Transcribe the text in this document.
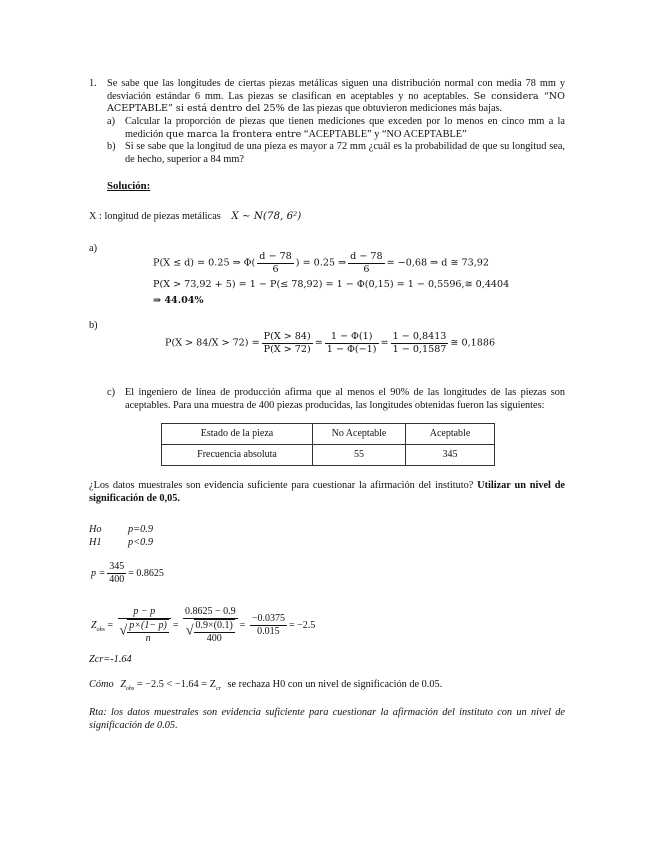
1. Se sabe que las longitudes de ciertas piezas metálicas siguen una distribución normal con media 78 mm y desviación estándar 6 mm. Las piezas se clasifican en aceptables y no aceptables. Se considera “NO ACEPTABLE” si está dentro del 25% de las piezas que obtuvieron mediciones más bajas.
a) Calcular la proporción de piezas que tienen mediciones que exceden por lo menos en cinco mm a la medición que marca la frontera entre “ACEPTABLE” y “NO ACEPTABLE”
b) Si se sabe que la longitud de una pieza es mayor a 72 mm ¿cuál es la probabilidad de que su longitud sea, de hecho, superior a 84 mm?
Solución:
X : longitud de piezas metálicas X ∼ N(78, 6²)
a)
P(X ≤ d) = 0.25 ⇒ $\Phi( \frac{d - 78}{6}$ ) = 0.25 ⇒ $\frac{d - 78}{6} = -0,68$ ⇒ d ≅ 73,92
P(X > 73,92 + 5) = 1 − P(≤ 78,92) = 1 − Φ(0,15) = 1 − 0,5596,≅ 0,4404
⇒ 44.04%
b)
$P(X > 84/X > 72) = \frac{P(X > 84)}{P(X > 72)} = \frac{1 - \Phi(1)}{1 - \Phi(-1)} = \frac{1 - 0,8413}{1 - 0,1587}$ ≅ 0,1886
c) El ingeniero de línea de producción afirma que al menos el 90% de las longitudes de las piezas son aceptables. Para una muestra de 400 piezas producidas, las longitudes obtenidas fueron las siguientes:
Estado de la pieza	No Aceptable	Aceptable
Frecuencia absoluta	55	345
¿Los datos muestrales son evidencia suficiente para cuestionar la afirmación del instituto? Utilizar un nivel de significación de 0,05.
Ho	p=0.9
H1	p<0.9
$p = \frac{345}{400} = 0.8625$
$Z_{obs} = \frac{p - p}{√ \frac{p\times(1- p)}{n}} = \frac{0.8625 - 0.9}{√ \frac{0.9\times(0.1)}{400}} = \frac{-0.0375}{0.015} = -2.5$
Zcr=-1.64
Cómo $Z_{obs} = -2.5 < -1.64 = Z_{cr}$ se rechaza H0 con un nivel de significación de 0.05.
Rta: los datos muestrales son evidencia suficiente para cuestionar la afirmación del instituto con un nivel de significación de 0.05.
